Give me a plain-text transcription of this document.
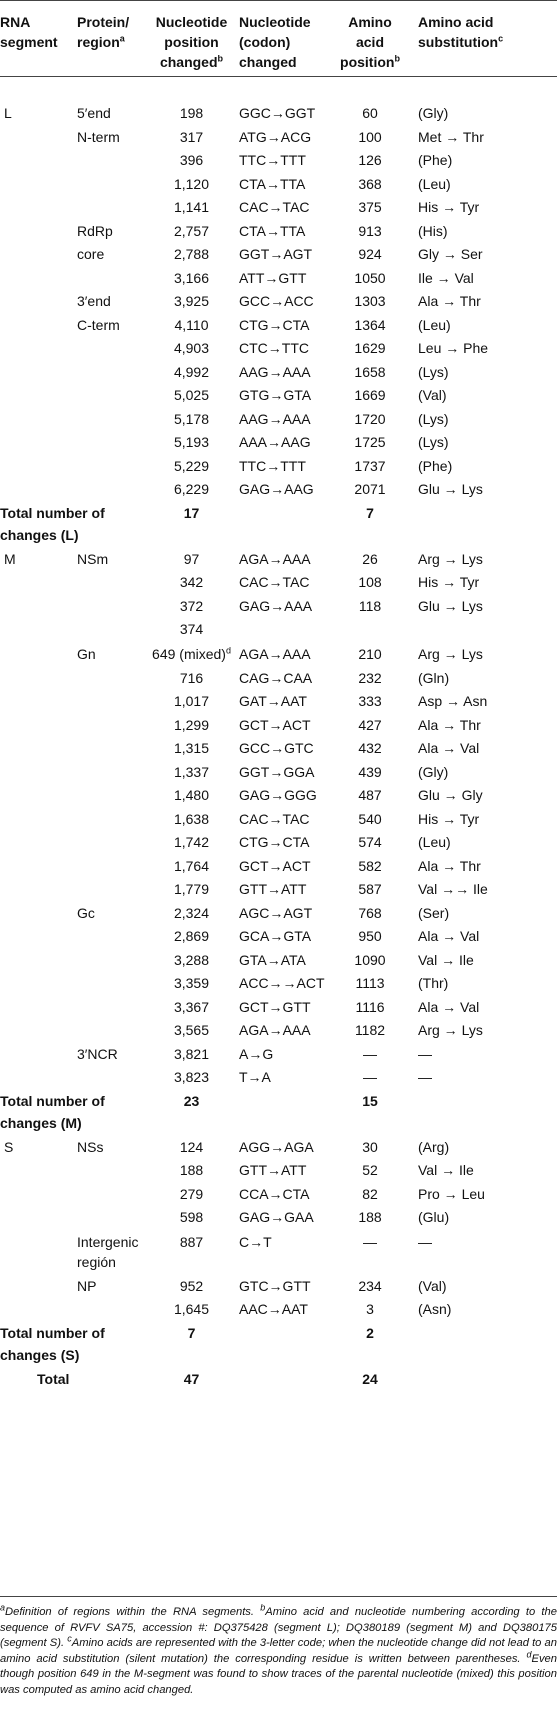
RNA segment	Protein/ region$^a$	Nucleotide position changed$^b$	Nucleotide (codon) changed	Amino acid position$^b$	Amino acid substitution$^c$
L	5′end	198	GGC→GGT	60	(Gly)
	N-term	317	ATG→ACG	100	Met → Thr
		396	TTC→TTT	126	(Phe)
		1,120	CTA→TTA	368	(Leu)
		1,141	CAC→TAC	375	His → Tyr
	RdRp	2,757	CTA→TTA	913	(His)
	core	2,788	GGT→AGT	924	Gly → Ser
		3,166	ATT→GTT	1050	Ile → Val
	3′end	3,925	GCC→ACC	1303	Ala → Thr
	C-term	4,110	CTG→CTA	1364	(Leu)
		4,903	CTC→TTC	1629	Leu → Phe
		4,992	AAG→AAA	1658	(Lys)
		5,025	GTG→GTA	1669	(Val)
		5,178	AAG→AAA	1720	(Lys)
		5,193	AAA→AAG	1725	(Lys)
		5,229	TTC→TTT	1737	(Phe)
		6,229	GAG→AAG	2071	Glu → Lys
Total number of changes (L)		17		7	
M	NSm	97	AGA→AAA	26	Arg → Lys
		342	CAC→TAC	108	His → Tyr
		372	GAG→AAA	118	Glu → Lys
		374			
	Gn	649 (mixed)$^d$	AGA→AAA	210	Arg → Lys
		716	CAG→CAA	232	(Gln)
		1,017	GAT→AAT	333	Asp → Asn
		1,299	GCT→ACT	427	Ala → Thr
		1,315	GCC→GTC	432	Ala → Val
		1,337	GGT→GGA	439	(Gly)
		1,480	GAG→GGG	487	Glu → Gly
		1,638	CAC→TAC	540	His → Tyr
		1,742	CTG→CTA	574	(Leu)
		1,764	GCT→ACT	582	Ala → Thr
		1,779	GTT→ATT	587	Val →→ Ile
	Gc	2,324	AGC→AGT	768	(Ser)
		2,869	GCA→GTA	950	Ala → Val
		3,288	GTA→ATA	1090	Val → Ile
		3,359	ACC→→ACT	1113	(Thr)
		3,367	GCT→GTT	1116	Ala → Val
		3,565	AGA→AAA	1182	Arg → Lys
	3′NCR	3,821	A→G	—	—
		3,823	T→A	—	—
Total number of changes (M)		23		15	
S	NSs	124	AGG→AGA	30	(Arg)
		188	GTT→ATT	52	Val → Ile
		279	CCA→CTA	82	Pro → Leu
		598	GAG→GAA	188	(Glu)
	Intergenic región	887	C→T	—	—
	NP	952	GTC→GTT	234	(Val)
		1,645	AAC→AAT	3	(Asn)
Total number of changes (S)		7		2	
Total		47		24	

$^a$Definition of regions within the RNA segments. $^b$Amino acid and nucleotide numbering according to the sequence of RVFV SA75, accession #: DQ375428 (segment L); DQ380189 (segment M) and DQ380175 (segment S). $^c$Amino acids are represented with the 3-letter code; when the nucleotide change did not lead to an amino acid substitution (silent mutation) the corresponding residue is written between parentheses. $^d$Even though position 649 in the M-segment was found to show traces of the parental nucleotide (mixed) this position was computed as amino acid changed.
